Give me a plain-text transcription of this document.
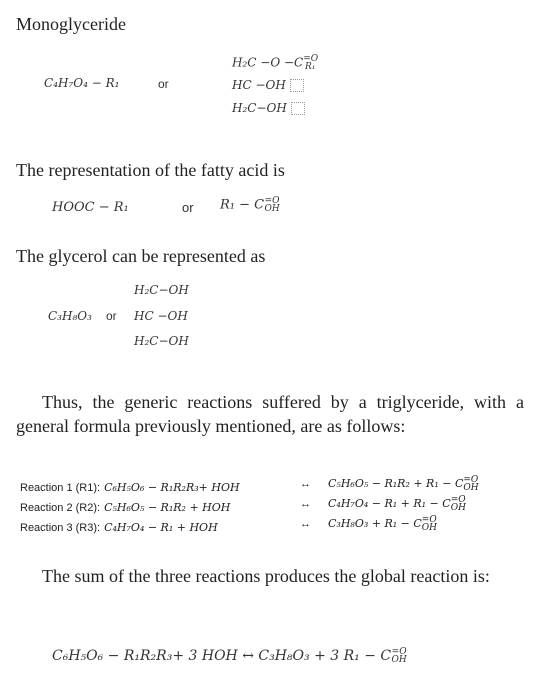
Monoglyceride
C₄H₇O₄ − R₁	or
H₂C −O −C=O R₁
HC −OH
H₂C−OH
The representation of the fatty acid is
HOOC − R₁	or R₁ − C=O OH
The glycerol can be represented as
H₂C−OH
C₃H₈O₃ or HC −OH
H₂C−OH
Thus, the generic reactions suffered by a triglyceride, with a general formula previously mentioned, are as follows:
Reaction 1 (R1): C₆H₅O₆ − R₁R₂R₃+ HOH	↔ C₅H₆O₅ − R₁R₂ + R₁ − C=O OH
Reaction 2 (R2): C₅H₆O₅ − R₁R₂ + HOH	↔ C₄H₇O₄ − R₁ + R₁ − C=O OH
Reaction 3 (R3): C₄H₇O₄ − R₁ + HOH	↔ C₃H₈O₃ + R₁ − C=O OH
The sum of the three reactions produces the global reaction is:
C₆H₅O₆ − R₁R₂R₃+ 3 HOH ↔ C₃H₈O₃ + 3 R₁ − C=O OH
